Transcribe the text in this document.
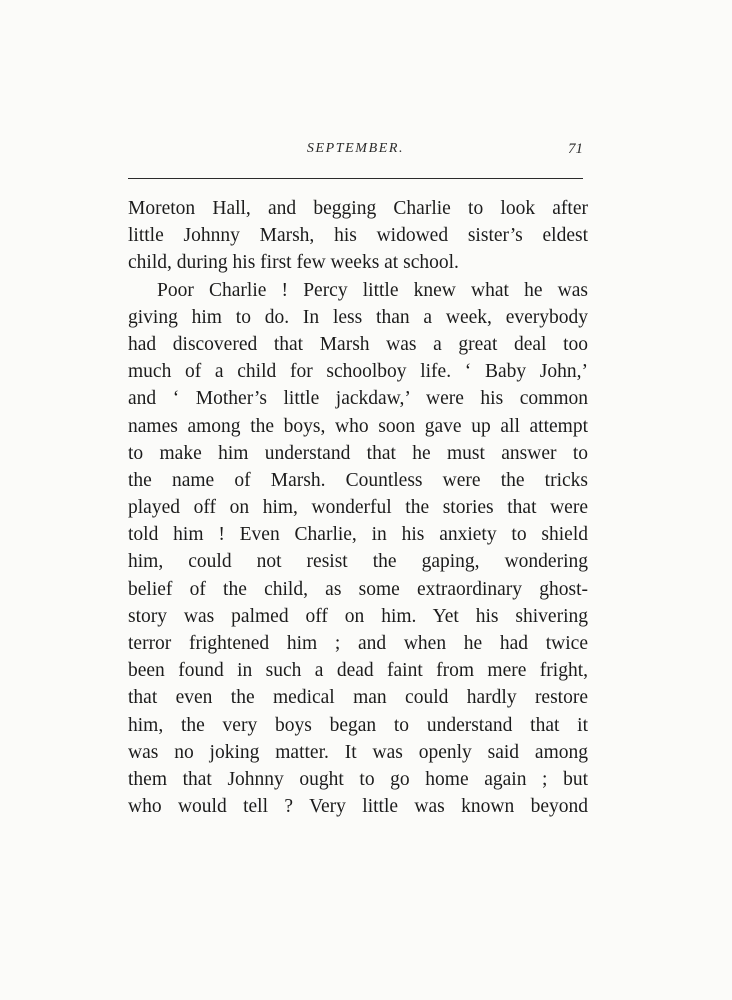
SEPTEMBER.	71
Moreton Hall, and begging Charlie to look after
little Johnny Marsh, his widowed sister’s eldest
child, during his first few weeks at school.
Poor Charlie ! Percy little knew what he was
giving him to do. In less than a week, everybody
had discovered that Marsh was a great deal too
much of a child for schoolboy life. ‘ Baby John,’
and ‘ Mother’s little jackdaw,’ were his common
names among the boys, who soon gave up all attempt
to make him understand that he must answer to
the name of Marsh. Countless were the tricks
played off on him, wonderful the stories that were
told him ! Even Charlie, in his anxiety to shield
him, could not resist the gaping, wondering
belief of the child, as some extraordinary ghost-
story was palmed off on him. Yet his shivering
terror frightened him ; and when he had twice
been found in such a dead faint from mere fright,
that even the medical man could hardly restore
him, the very boys began to understand that it
was no joking matter. It was openly said among
them that Johnny ought to go home again ; but
who would tell ? Very little was known beyond
